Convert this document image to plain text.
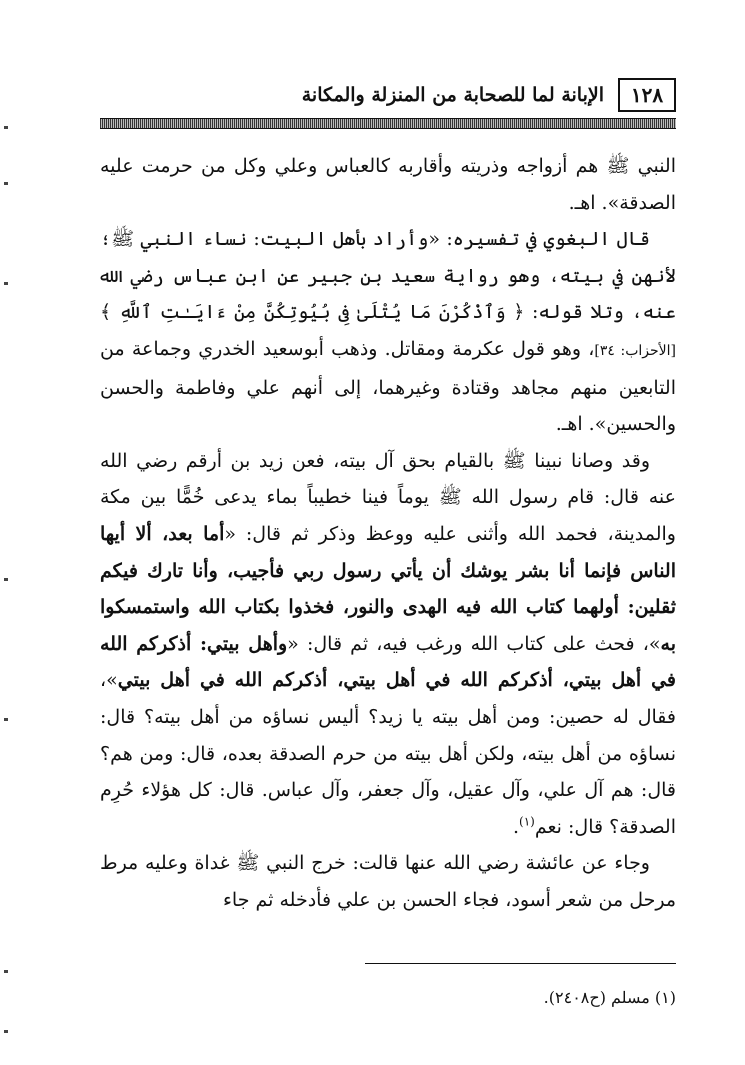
١٢٨
الإبانة لما للصحابة من المنزلة والمكانة

النبي ﷺ هم أزواجه وذريته وأقاربه كالعباس وعلي وكل من حرمت عليه الصدقة». اهـ.

قال البغوي في تفسيره: «وأراد بأهل البيت: نساء النبي ﷺ؛ لأنهن في بيته، وهو رواية سعيد بن جبير عن ابن عباس رضي الله عنه، وتلا قوله: ﴿ وَٱذْكُرْنَ مَا يُتْلَىٰ فِى بُيُوتِكُنَّ مِنْ ءَايَـٰتِ ٱللَّهِ ﴾ [الأحزاب: ٣٤]، وهو قول عكرمة ومقاتل. وذهب أبوسعيد الخدري وجماعة من التابعين منهم مجاهد وقتادة وغيرهما، إلى أنهم علي وفاطمة والحسن والحسين». اهـ.

وقد وصانا نبينا ﷺ بالقيام بحق آل بيته، فعن زيد بن أرقم رضي الله عنه قال: قام رسول الله ﷺ يوماً فينا خطيباً بماء يدعى خُمًّا بين مكة والمدينة، فحمد الله وأثنى عليه ووعظ وذكر ثم قال: «أما بعد، ألا أيها الناس فإنما أنا بشر يوشك أن يأتي رسول ربي فأجيب، وأنا تارك فيكم ثقلين: أولهما كتاب الله فيه الهدى والنور، فخذوا بكتاب الله واستمسكوا به»، فحث على كتاب الله ورغب فيه، ثم قال: «وأهل بيتي: أذكركم الله في أهل بيتي، أذكركم الله في أهل بيتي، أذكركم الله في أهل بيتي»، فقال له حصين: ومن أهل بيته يا زيد؟ أليس نساؤه من أهل بيته؟ قال: نساؤه من أهل بيته، ولكن أهل بيته من حرم الصدقة بعده، قال: ومن هم؟ قال: هم آل علي، وآل عقيل، وآل جعفر، وآل عباس. قال: كل هؤلاء حُرِم الصدقة؟ قال: نعم$^{(١)}$.

وجاء عن عائشة رضي الله عنها قالت: خرج النبي ﷺ غداة وعليه مرط مرحل من شعر أسود، فجاء الحسن بن علي فأدخله ثم جاء

(١) مسلم (ح٢٤٠٨).
